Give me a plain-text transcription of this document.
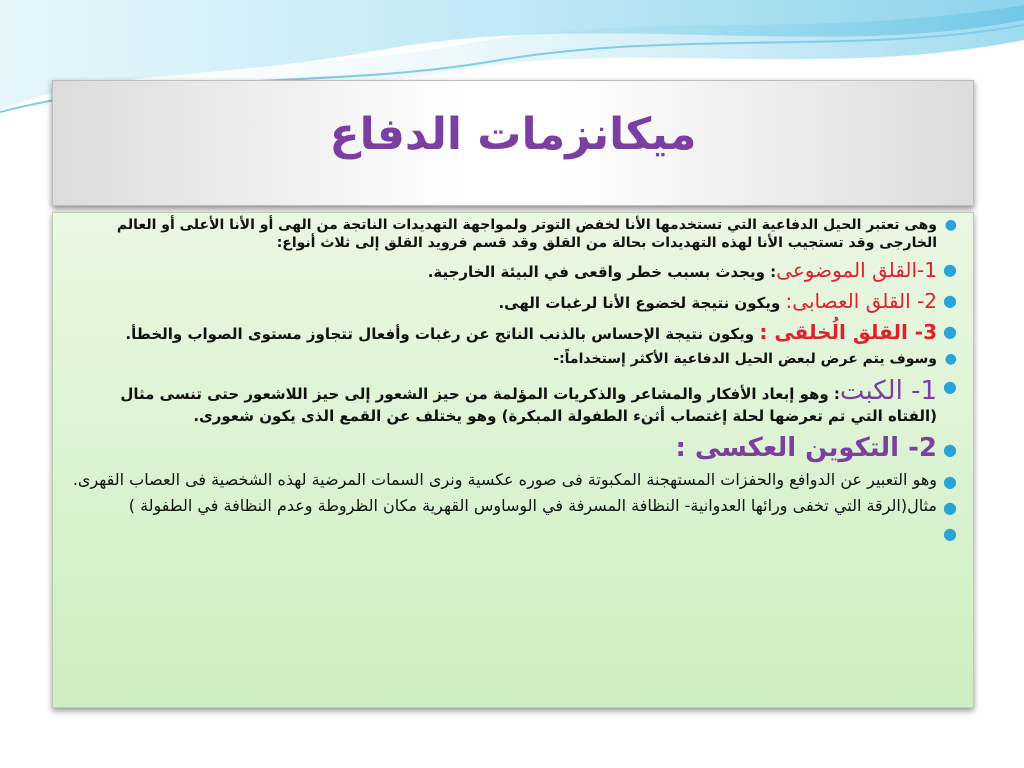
ميكانزمات الدفاع
●
وهى تعتبر الحيل الدفاعية التي تستخدمها الأنا لخفض التوتر ولمواجهة التهديدات الناتجة من الهى أو الأنا الأعلى أو العالم الخارجى وقد تستجيب الأنا لهذه التهديدات بحالة من القلق وقد قسم فرويد القلق إلى ثلاث أنواع:
●
1-القلق الموضوعى: ويجدث بسبب خطر واقعى في البيئة الخارجية.
●
2- القلق العصابى: ويكون نتيجة لخضوع الأنا لرغبات الهى.
●
3- القلق الُخلقى : ويكون نتيجة الإحساس بالذنب الناتج عن رغبات وأفعال تتجاوز مستوى الصواب والخطأ.
●
وسوف يتم عرض لبعض الحيل الدفاعية الأكثر إستخداماً:-
●
1- الكبت: وهو إبعاد الأفكار والمشاعر والذكريات المؤلمة من حيز الشعور إلى حيز اللاشعور حتى تنسى مثال (الفتاه التي تم تعرضها لحلة إغتصاب أثنء الطفولة المبكرة) وهو يختلف عن القمع الذى يكون شعورى.
●
2- التكوين العكسى :
●
وهو التعبير عن الدوافع والحفزات المستهجنة المكبوتة فى صوره عكسية ونرى السمات المرضية لهذه الشخصية فى العصاب القهرى.
●
مثال(الرقة التي تخفى ورائها العدوانية- النظافة المسرفة في الوساوس القهرية مكان الظروطة وعدم النظافة في الطفولة )
●
